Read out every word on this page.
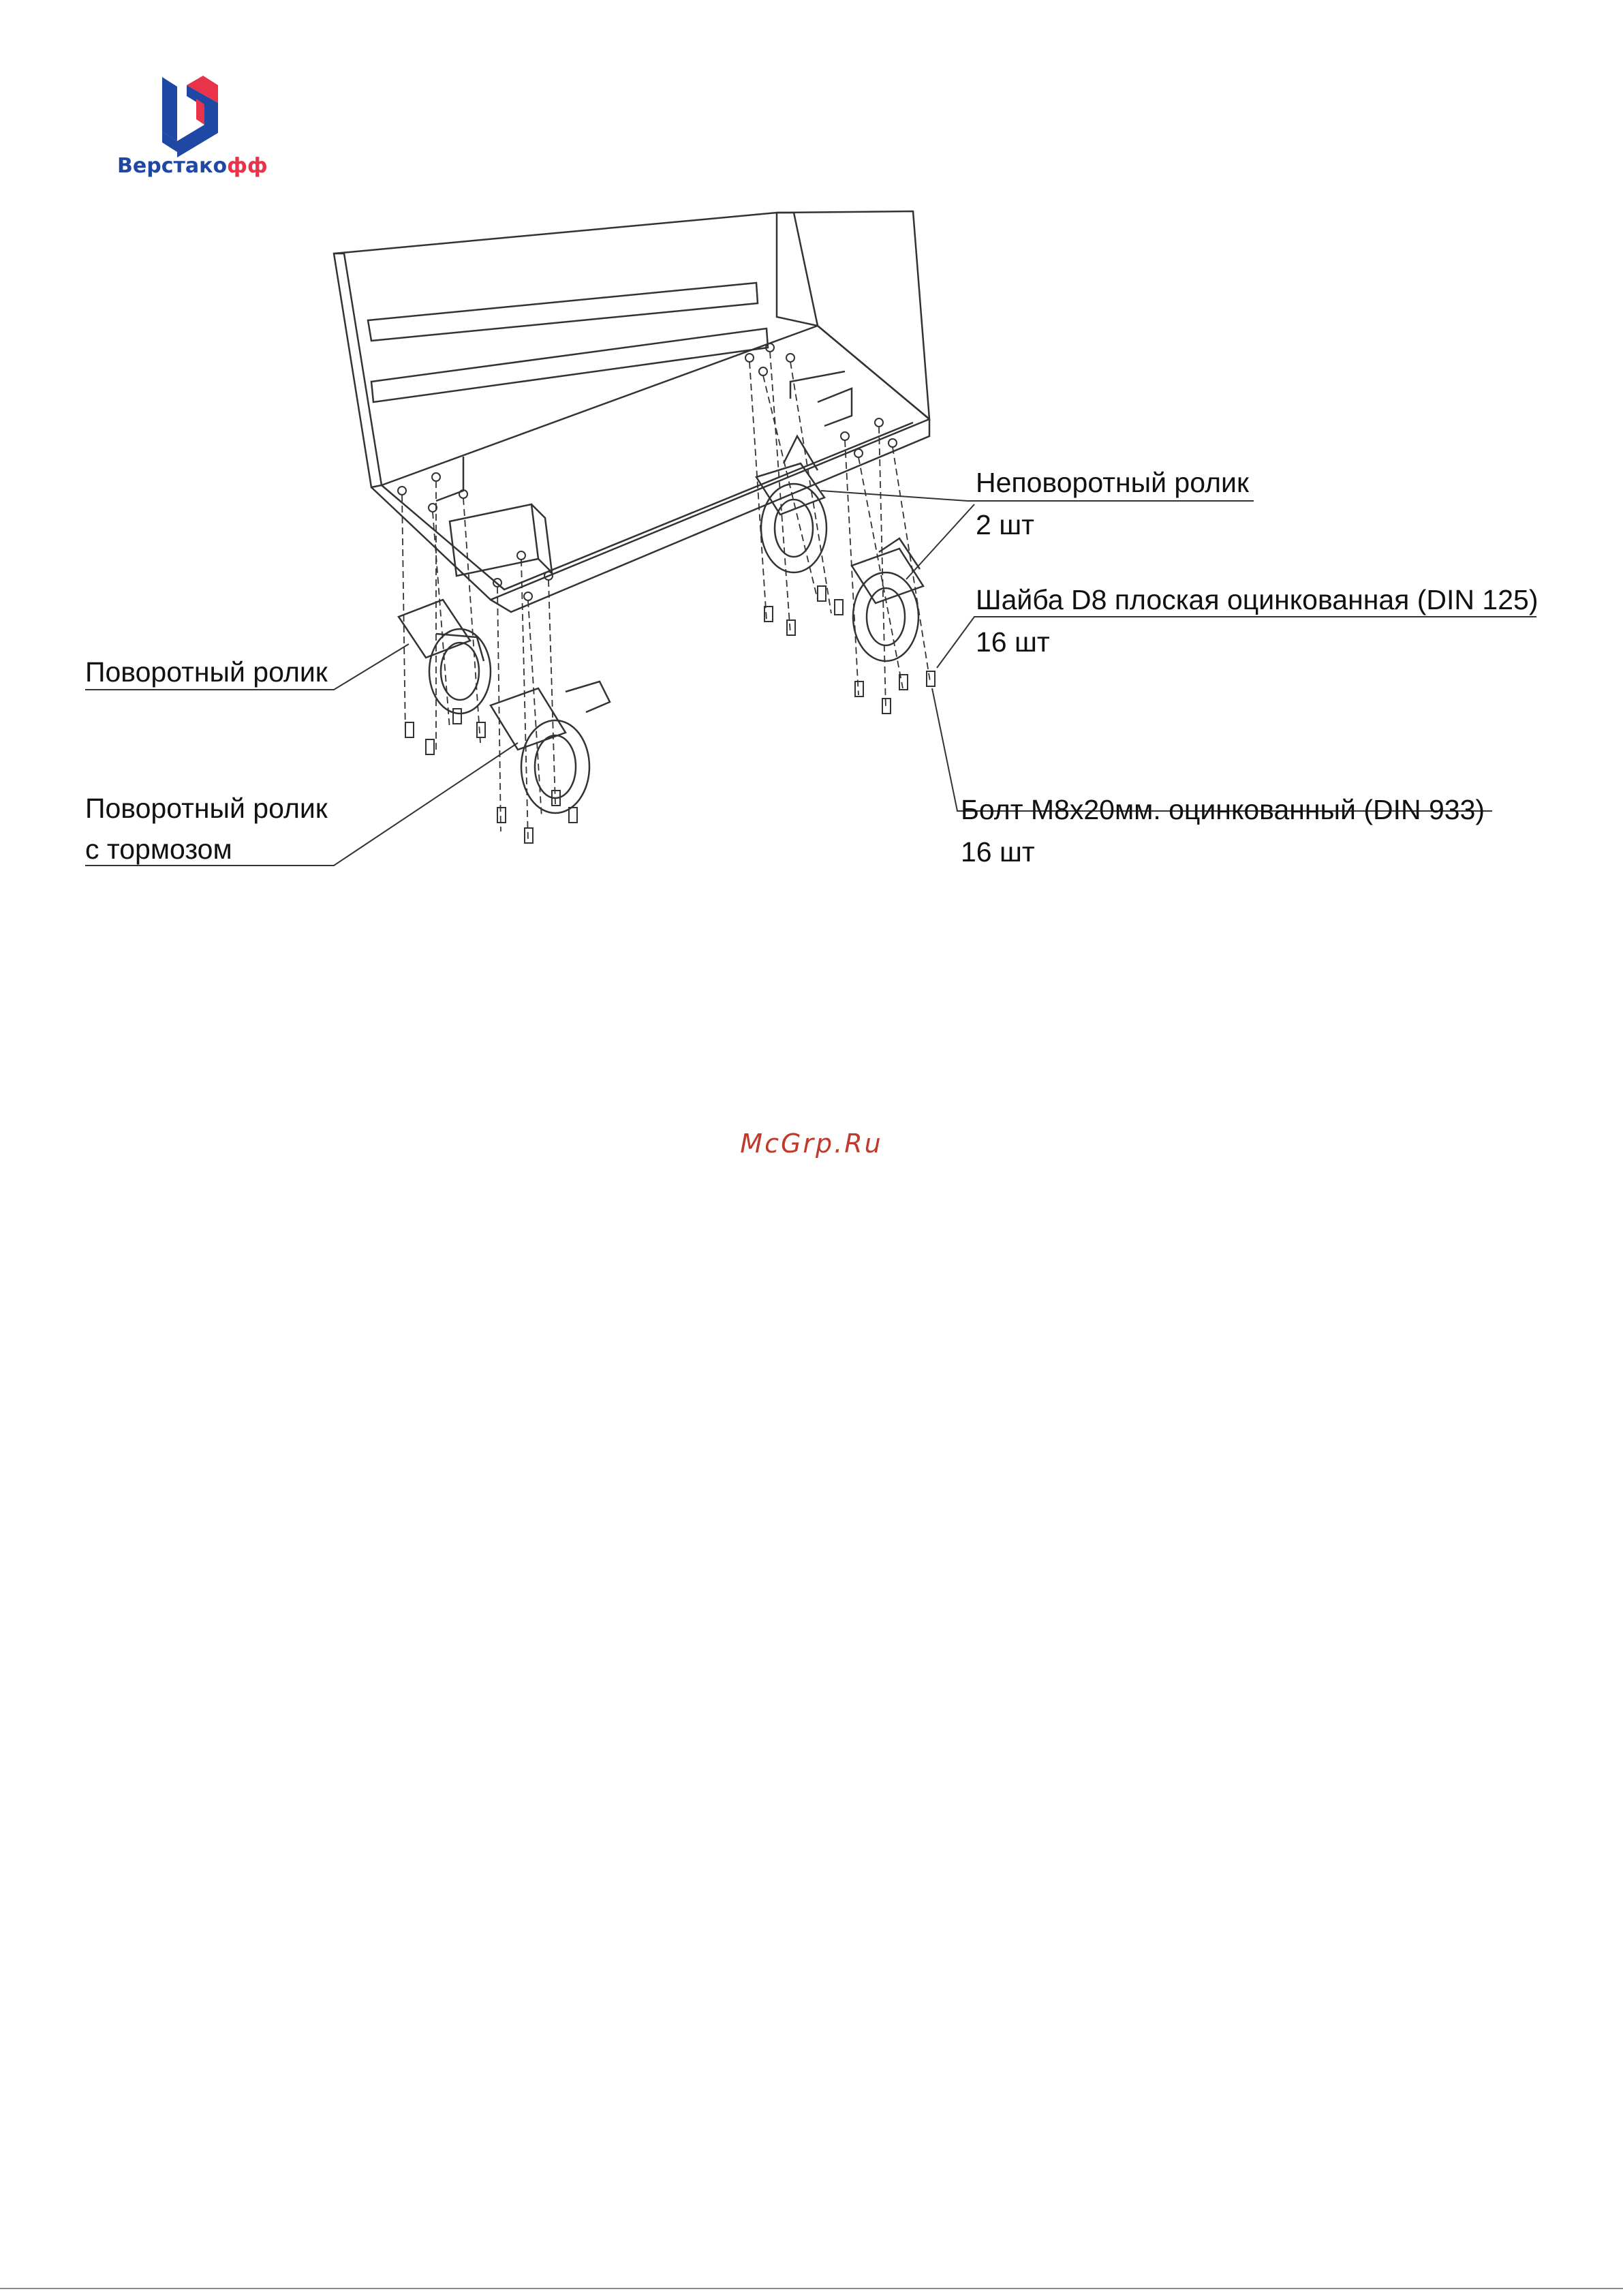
Верстакофф
Неповоротный ролик
2 шт
Шайба D8 плоская оцинкованная (DIN 125)
16 шт
Поворотный ролик
Поворотный ролик
с тормозом
Болт М8х20мм. оцинкованный (DIN 933)
16 шт
McGrp.Ru
